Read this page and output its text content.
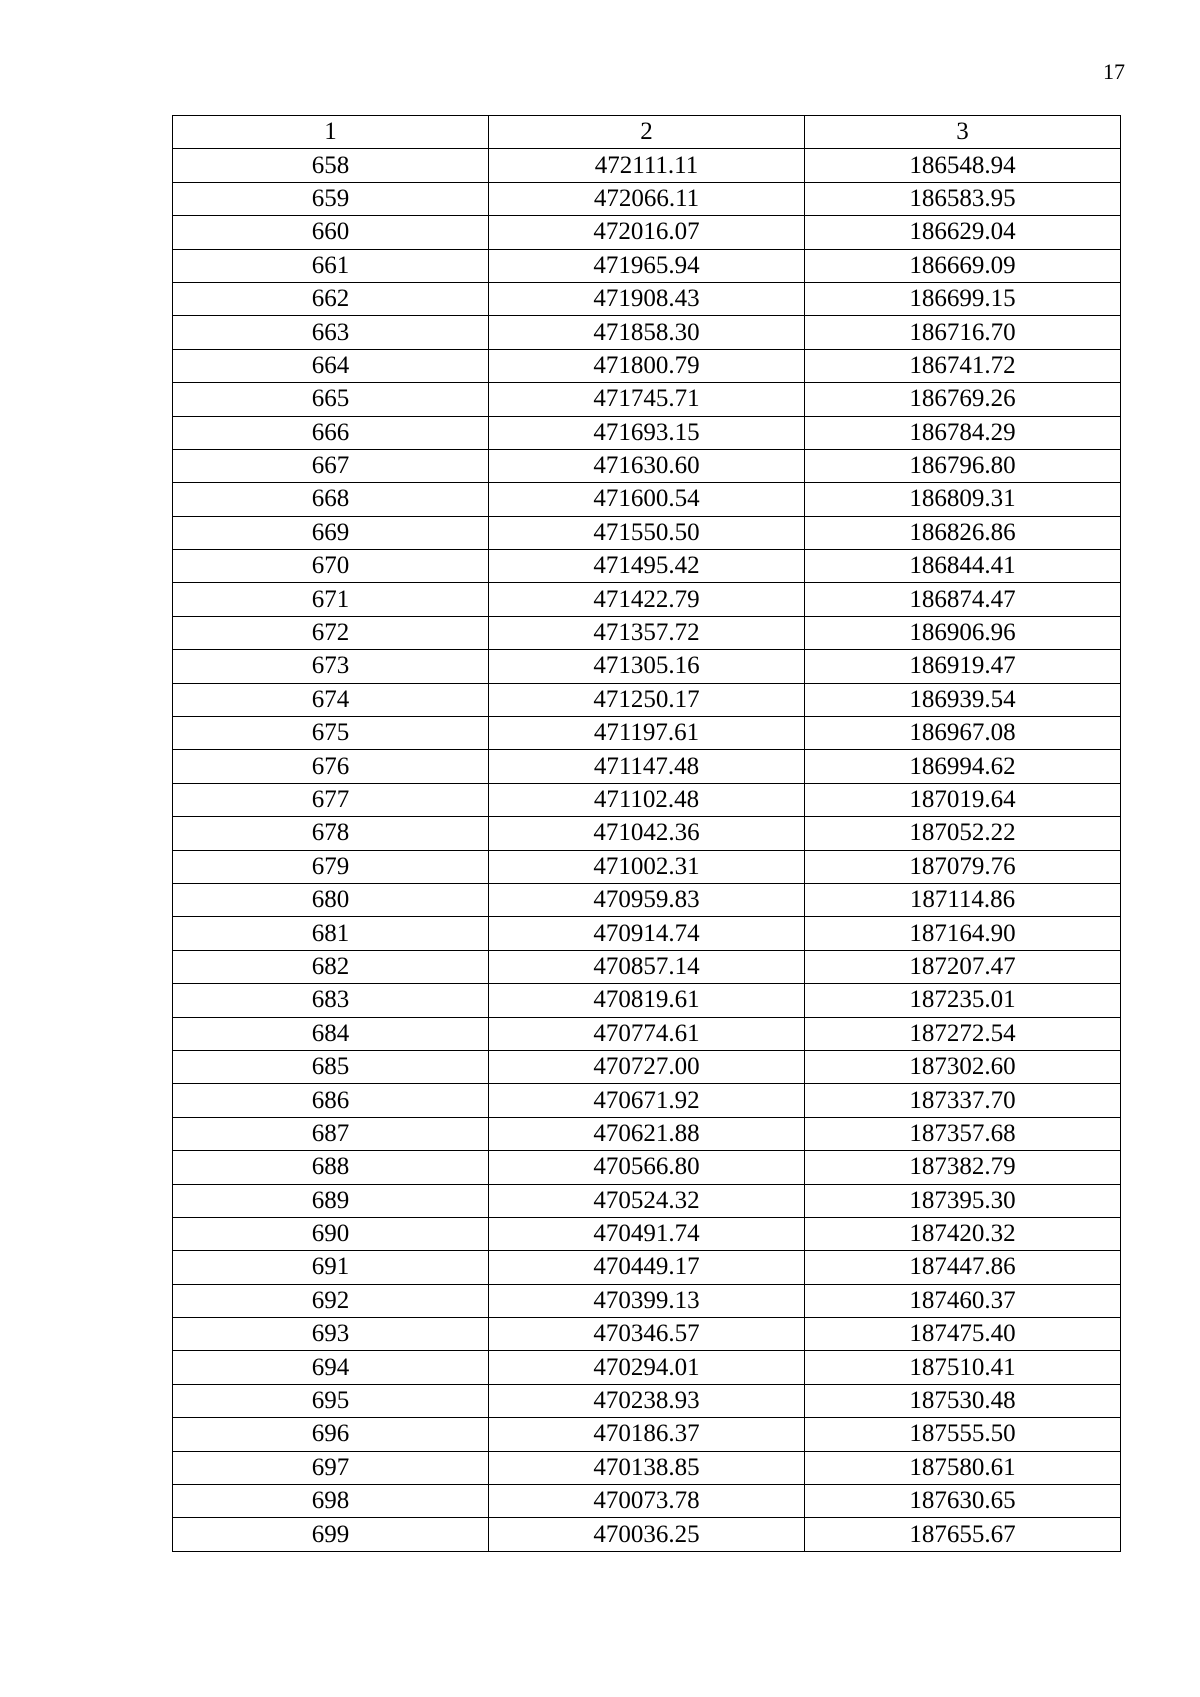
17
1	2	3
658	472111.11	186548.94
659	472066.11	186583.95
660	472016.07	186629.04
661	471965.94	186669.09
662	471908.43	186699.15
663	471858.30	186716.70
664	471800.79	186741.72
665	471745.71	186769.26
666	471693.15	186784.29
667	471630.60	186796.80
668	471600.54	186809.31
669	471550.50	186826.86
670	471495.42	186844.41
671	471422.79	186874.47
672	471357.72	186906.96
673	471305.16	186919.47
674	471250.17	186939.54
675	471197.61	186967.08
676	471147.48	186994.62
677	471102.48	187019.64
678	471042.36	187052.22
679	471002.31	187079.76
680	470959.83	187114.86
681	470914.74	187164.90
682	470857.14	187207.47
683	470819.61	187235.01
684	470774.61	187272.54
685	470727.00	187302.60
686	470671.92	187337.70
687	470621.88	187357.68
688	470566.80	187382.79
689	470524.32	187395.30
690	470491.74	187420.32
691	470449.17	187447.86
692	470399.13	187460.37
693	470346.57	187475.40
694	470294.01	187510.41
695	470238.93	187530.48
696	470186.37	187555.50
697	470138.85	187580.61
698	470073.78	187630.65
699	470036.25	187655.67
